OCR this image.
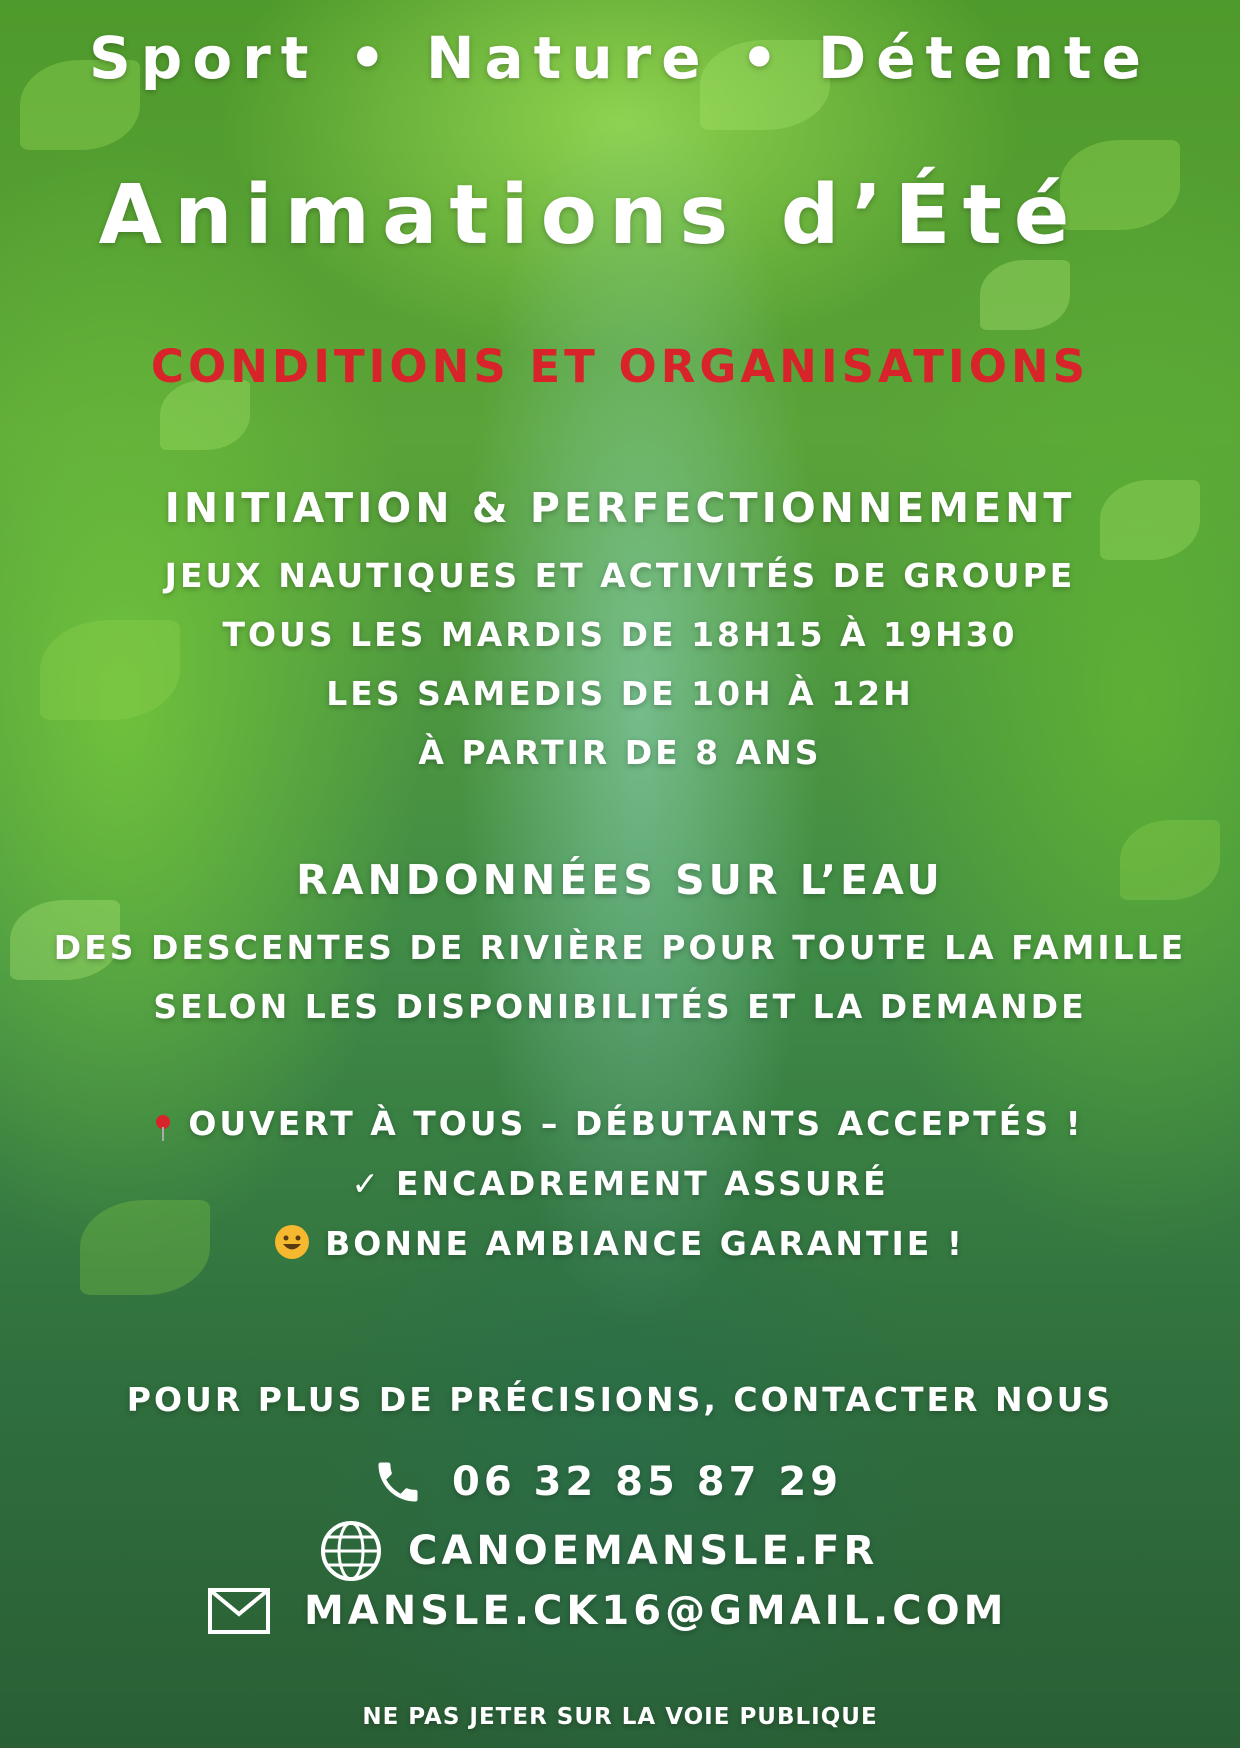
Sport • Nature • Détente
Animations d’Été
CONDITIONS ET ORGANISATIONS
INITIATION & PERFECTIONNEMENT
JEUX NAUTIQUES ET ACTIVITÉS DE GROUPE
TOUS LES MARDIS DE 18H15 À 19H30
LES SAMEDIS DE 10H À 12H
À PARTIR DE 8 ANS
RANDONNÉES SUR L’EAU
DES DESCENTES DE RIVIÈRE POUR TOUTE LA FAMILLE
SELON LES DISPONIBILITÉS ET LA DEMANDE
OUVERT À TOUS – DÉBUTANTS ACCEPTÉS !
✓ ENCADREMENT ASSURÉ
BONNE AMBIANCE GARANTIE !
POUR PLUS DE PRÉCISIONS, CONTACTER NOUS
06 32 85 87 29
CANOEMANSLE.FR
MANSLE.CK16@GMAIL.COM
NE PAS JETER SUR LA VOIE PUBLIQUE
